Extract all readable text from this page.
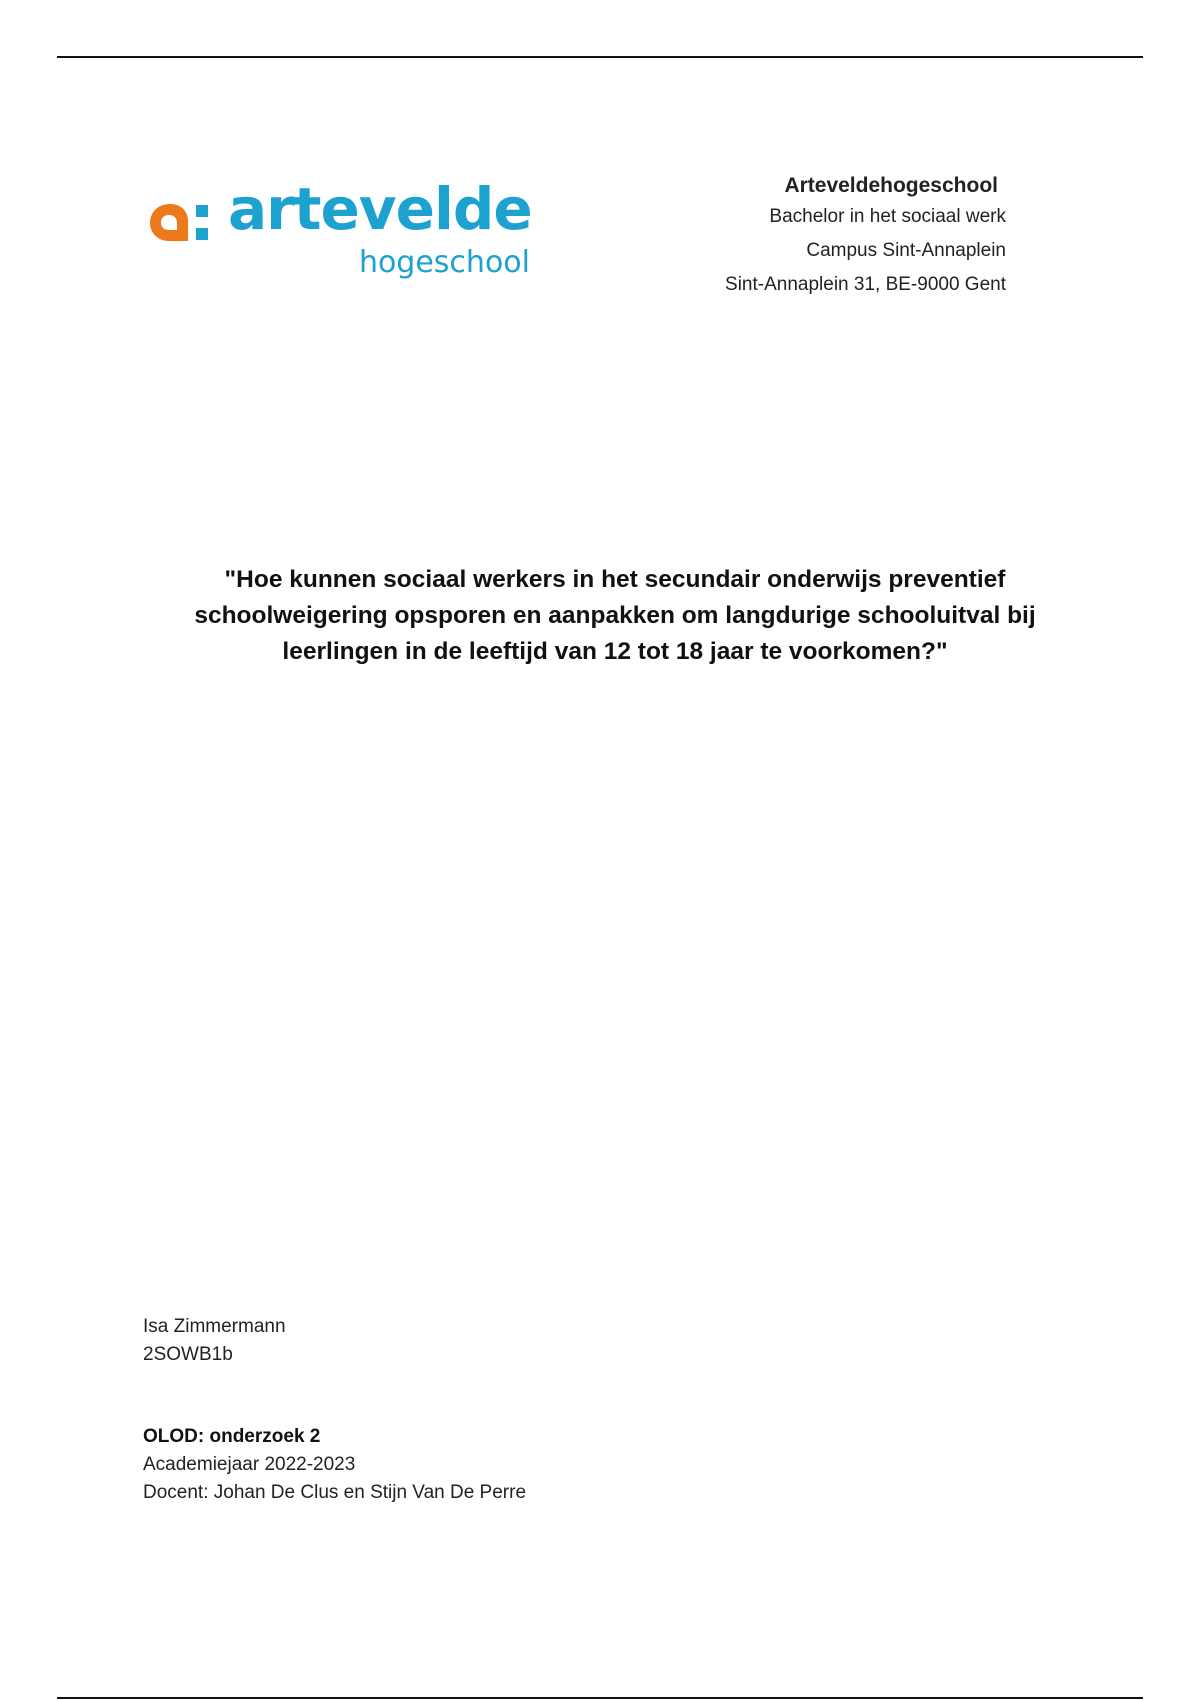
artevelde
hogeschool
Arteveldehogeschool
Bachelor in het sociaal werk
Campus Sint-Annaplein
Sint-Annaplein 31, BE-9000 Gent
"Hoe kunnen sociaal werkers in het secundair onderwijs preventief
schoolweigering opsporen en aanpakken om langdurige schooluitval bij
leerlingen in de leeftijd van 12 tot 18 jaar te voorkomen?"
Isa Zimmermann
2SOWB1b
OLOD: onderzoek 2
Academiejaar 2022-2023
Docent: Johan De Clus en Stijn Van De Perre
